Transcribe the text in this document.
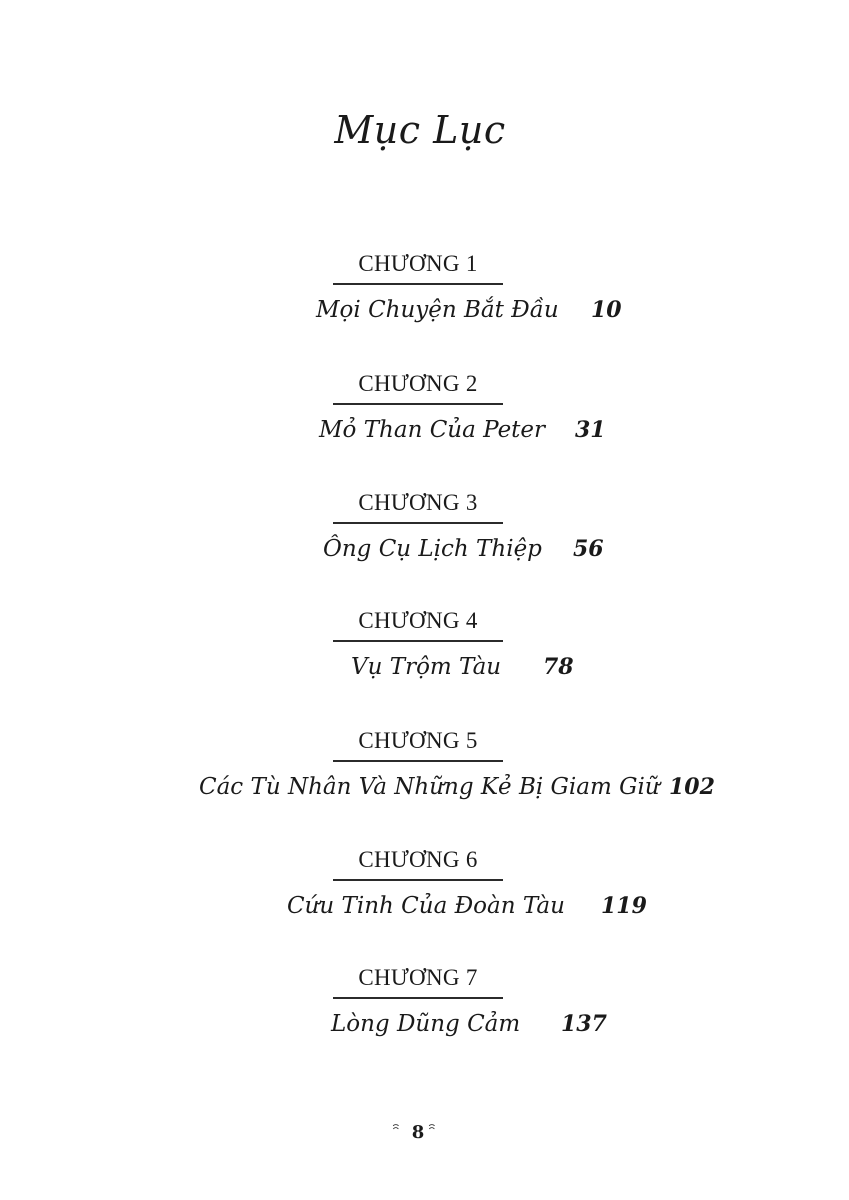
Mục Lục
CHƯƠNG 1
Mọi Chuyện Bắt Đầu 10
CHƯƠNG 2
Mỏ Than Của Peter 31
CHƯƠNG 3
Ông Cụ Lịch Thiệp 56
CHƯƠNG 4
Vụ Trộm Tàu 78
CHƯƠNG 5
Các Tù Nhân Và Những Kẻ Bị Giam Giữ 102
CHƯƠNG 6
Cứu Tinh Của Đoàn Tàu 119
CHƯƠNG 7
Lòng Dũng Cảm 137
8
